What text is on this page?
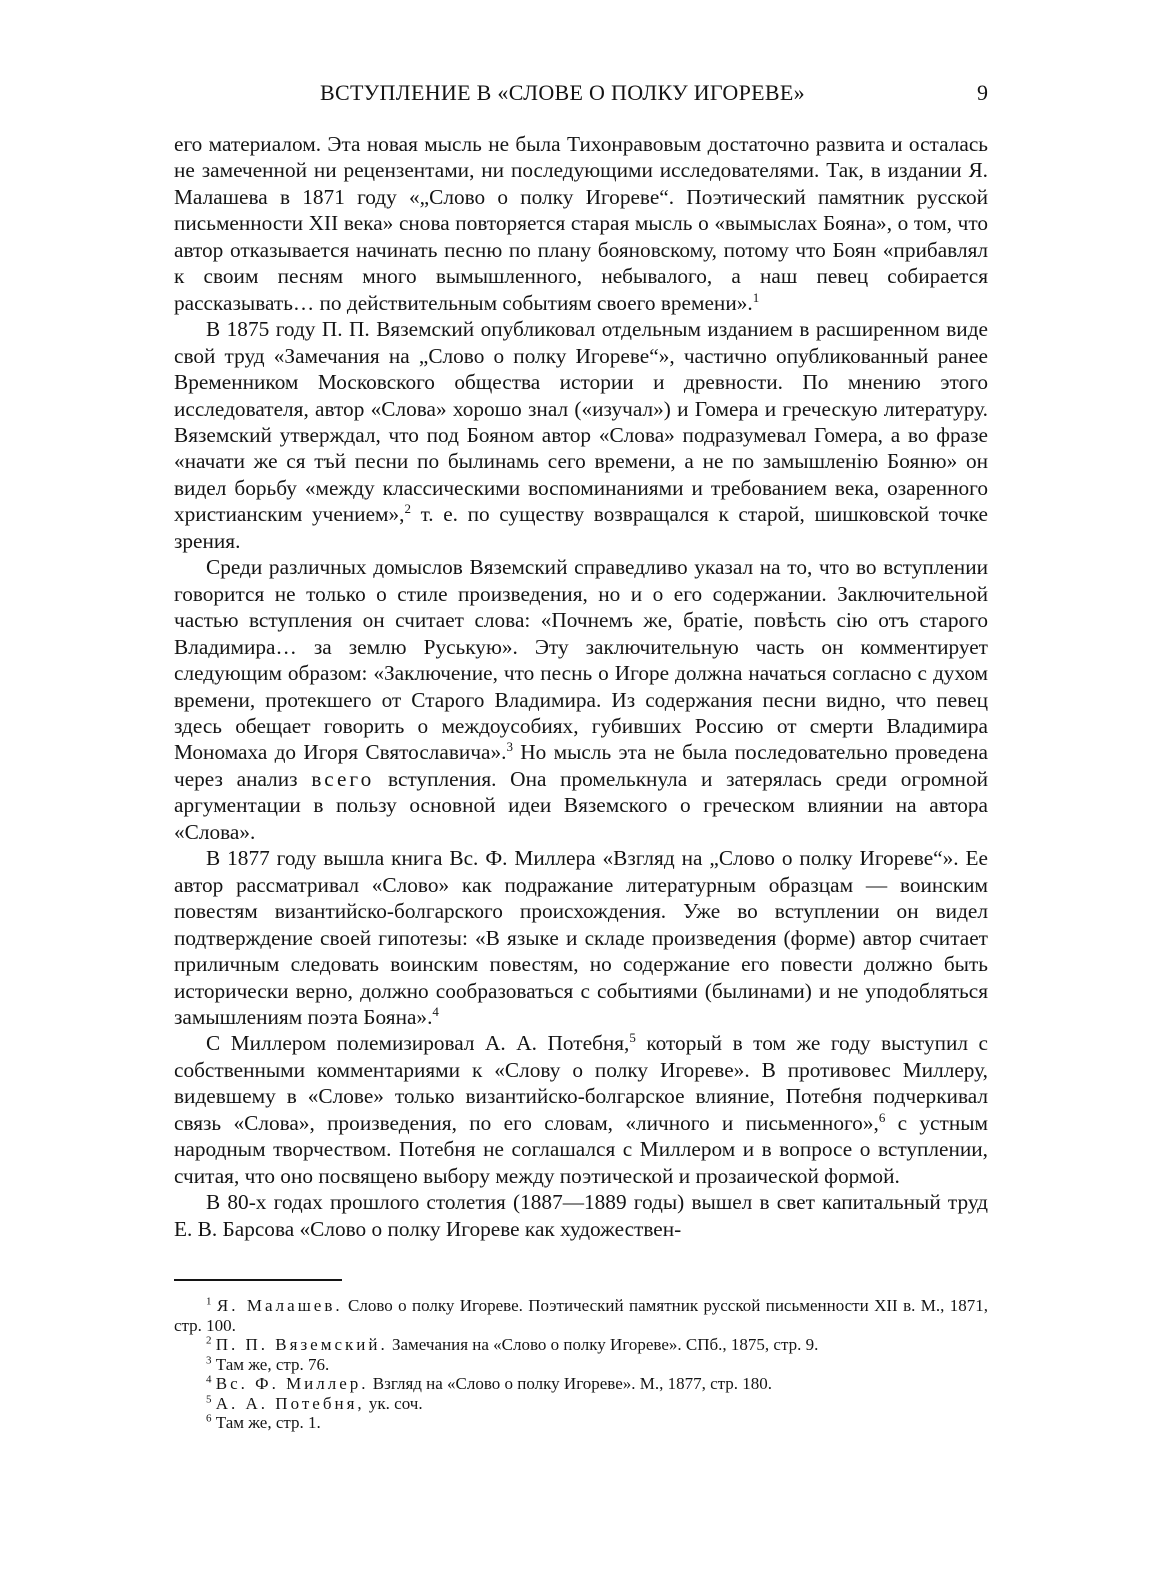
ВСТУПЛЕНИЕ В «СЛОВЕ О ПОЛКУ ИГОРЕВЕ»	9

его материалом. Эта новая мысль не была Тихонравовым достаточно развита и осталась не замеченной ни рецензентами, ни последующими исследователями. Так, в издании Я. Малашева в 1871 году «„Слово о полку Игореве“. Поэтический памятник русской письменности XII века» снова повторяется старая мысль о «вымыслах Бояна», о том, что автор отказывается начинать песню по плану бояновскому, потому что Боян «прибавлял к своим песням много вымышленного, небывалого, а наш певец собирается рассказывать… по действительным событиям своего времени».$^1$

В 1875 году П. П. Вяземский опубликовал отдельным изданием в расширенном виде свой труд «Замечания на „Слово о полку Игореве“», частично опубликованный ранее Временником Московского общества истории и древности. По мнению этого исследователя, автор «Слова» хорошо знал («изучал») и Гомера и греческую литературу. Вяземский утверждал, что под Бояном автор «Слова» подразумевал Гомера, а во фразе «начати же ся тъй песни по былинамь сего времени, а не по замышленiю Бояню» он видел борьбу «между классическими воспоминаниями и требованием века, озаренного христианским учением»,$^2$ т. е. по существу возвращался к старой, шишковской точке зрения.

Среди различных домыслов Вяземский справедливо указал на то, что во вступлении говорится не только о стиле произведения, но и о его содержании. Заключительной частью вступления он считает слова: «Почнемъ же, братiе, повѣсть сiю отъ старого Владимира… за землю Руськую». Эту заключительную часть он комментирует следующим образом: «Заключение, что песнь о Игоре должна начаться согласно с духом времени, протекшего от Старого Владимира. Из содержания песни видно, что певец здесь обещает говорить о междоусобиях, губивших Россию от смерти Владимира Мономаха до Игоря Святославича».$^3$ Но мысль эта не была последовательно проведена через анализ всего вступления. Она промелькнула и затерялась среди огромной аргументации в пользу основной идеи Вяземского о греческом влиянии на автора «Слова».

В 1877 году вышла книга Вс. Ф. Миллера «Взгляд на „Слово о полку Игореве“». Ее автор рассматривал «Слово» как подражание литературным образцам — воинским повестям византийско-болгарского происхождения. Уже во вступлении он видел подтверждение своей гипотезы: «В языке и складе произведения (форме) автор считает приличным следовать воинским повестям, но содержание его повести должно быть исторически верно, должно сообразоваться с событиями (былинами) и не уподобляться замышлениям поэта Бояна».$^4$

С Миллером полемизировал А. А. Потебня,$^5$ который в том же году выступил с собственными комментариями к «Слову о полку Игореве». В противовес Миллеру, видевшему в «Слове» только византийско-болгарское влияние, Потебня подчеркивал связь «Слова», произведения, по его словам, «личного и письменного»,$^6$ с устным народным творчеством. Потебня не соглашался с Миллером и в вопросе о вступлении, считая, что оно посвящено выбору между поэтической и прозаической формой.

В 80-х годах прошлого столетия (1887—1889 годы) вышел в свет капитальный труд Е. В. Барсова «Слово о полку Игореве как художествен-

$^1$ Я. Малашев. Слово о полку Игореве. Поэтический памятник русской письменности XII в. М., 1871, стр. 100.

$^2$ П. П. Вяземский. Замечания на «Слово о полку Игореве». СПб., 1875, стр. 9.

$^3$ Там же, стр. 76.

$^4$ Вс. Ф. Миллер. Взгляд на «Слово о полку Игореве». М., 1877, стр. 180.

$^5$ А. А. Потебня, ук. соч.

$^6$ Там же, стр. 1.
